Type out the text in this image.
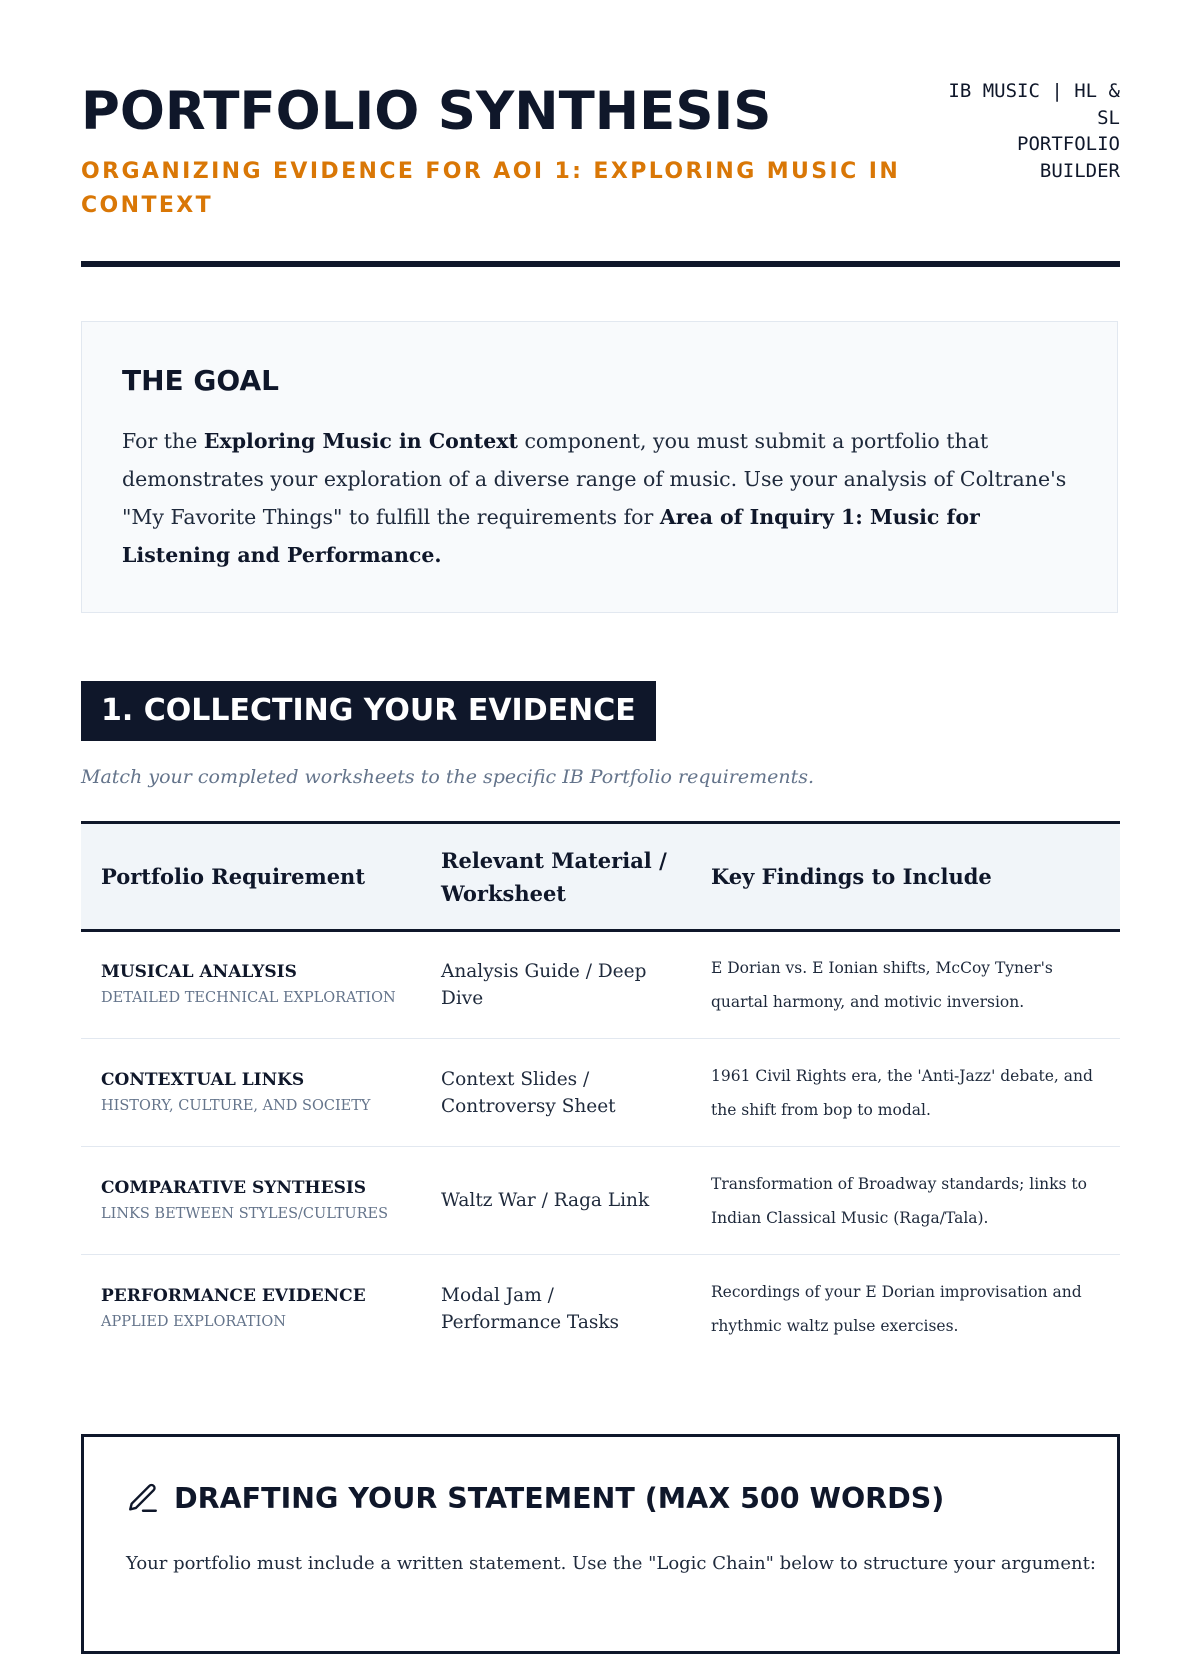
PORTFOLIO SYNTHESIS

ORGANIZING EVIDENCE FOR AOI 1: EXPLORING MUSIC IN CONTEXT

IB MUSIC | HL &
SL
PORTFOLIO
BUILDER
THE GOAL

For the Exploring Music in Context component, you must submit a portfolio that demonstrates your exploration of a diverse range of music. Use your analysis of Coltrane's "My Favorite Things" to fulfill the requirements for Area of Inquiry 1: Music for Listening and Performance.

1. COLLECTING YOUR EVIDENCE

Match your completed worksheets to the specific IB Portfolio requirements.

Portfolio Requirement	Relevant Material / Worksheet	Key Findings to Include

MUSICAL ANALYSIS
DETAILED TECHNICAL EXPLORATION	Analysis Guide / Deep Dive	E Dorian vs. E Ionian shifts, McCoy Tyner's quartal harmony, and motivic inversion.

CONTEXTUAL LINKS
HISTORY, CULTURE, AND SOCIETY	Context Slides / Controversy Sheet	1961 Civil Rights era, the 'Anti-Jazz' debate, and the shift from bop to modal.

COMPARATIVE SYNTHESIS
LINKS BETWEEN STYLES/CULTURES	Waltz War / Raga Link	Transformation of Broadway standards; links to Indian Classical Music (Raga/Tala).

PERFORMANCE EVIDENCE
APPLIED EXPLORATION	Modal Jam / Performance Tasks	Recordings of your E Dorian improvisation and rhythmic waltz pulse exercises.
DRAFTING YOUR STATEMENT (MAX 500 WORDS)

Your portfolio must include a written statement. Use the "Logic Chain" below to structure your argument:
